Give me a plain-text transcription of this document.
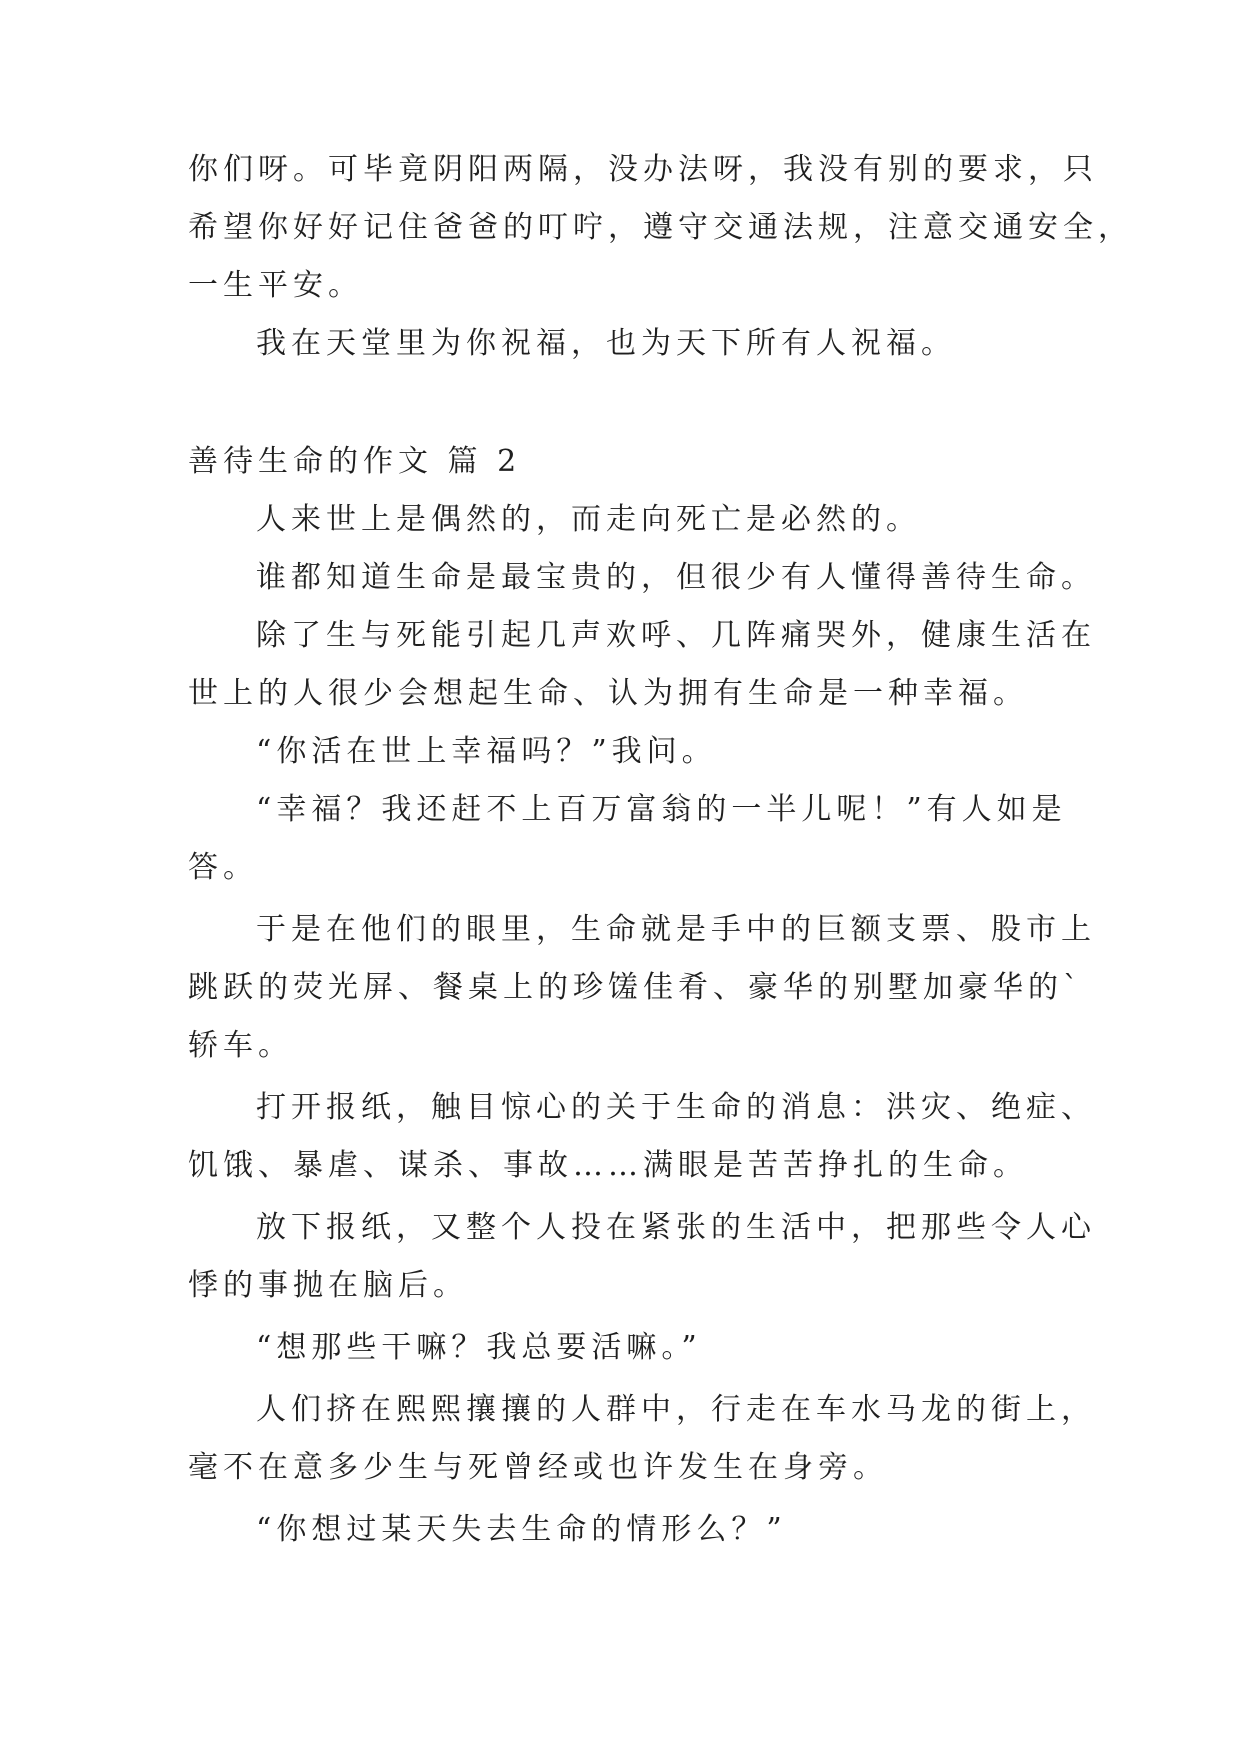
你们呀。可毕竟阴阳两隔，没办法呀，我没有别的要求，只
希望你好好记住爸爸的叮咛，遵守交通法规，注意交通安全，
一生平安。
我在天堂里为你祝福，也为天下所有人祝福。
善待生命的作文 篇 2
人来世上是偶然的，而走向死亡是必然的。
谁都知道生命是最宝贵的，但很少有人懂得善待生命。
除了生与死能引起几声欢呼、几阵痛哭外，健康生活在
世上的人很少会想起生命、认为拥有生命是一种幸福。
“你活在世上幸福吗？”我问。
“幸福？我还赶不上百万富翁的一半儿呢！”有人如是
答。
于是在他们的眼里，生命就是手中的巨额支票、股市上
跳跃的荧光屏、餐桌上的珍馐佳肴、豪华的别墅加豪华的`
轿车。
打开报纸，触目惊心的关于生命的消息：洪灾、绝症、
饥饿、暴虐、谋杀、事故……满眼是苦苦挣扎的生命。
放下报纸，又整个人投在紧张的生活中，把那些令人心
悸的事抛在脑后。
“想那些干嘛？我总要活嘛。”
人们挤在熙熙攘攘的人群中，行走在车水马龙的街上，
毫不在意多少生与死曾经或也许发生在身旁。
“你想过某天失去生命的情形么？”
